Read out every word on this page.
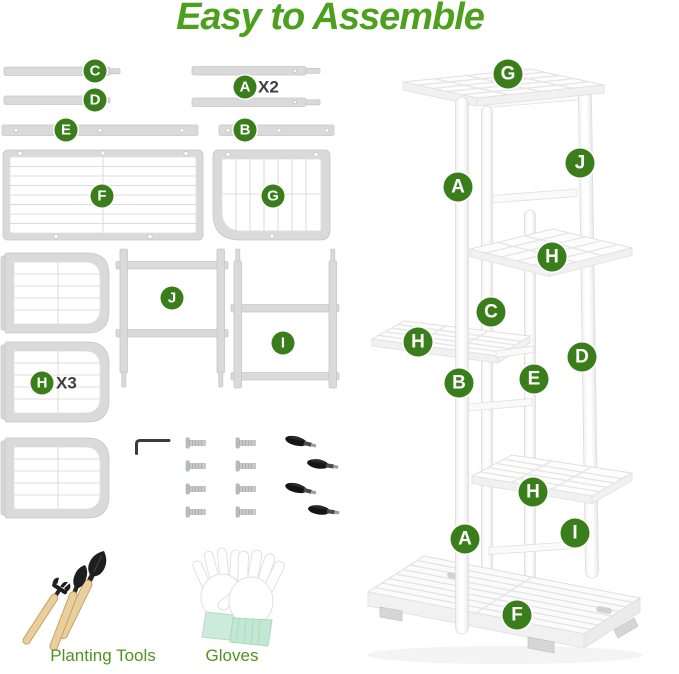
Easy to Assemble
C
D
A X2
E	B
F	G
J
I
H X3
G
J
A
H
C
H
D
B	E
H
A	I
F
Planting Tools	Gloves
